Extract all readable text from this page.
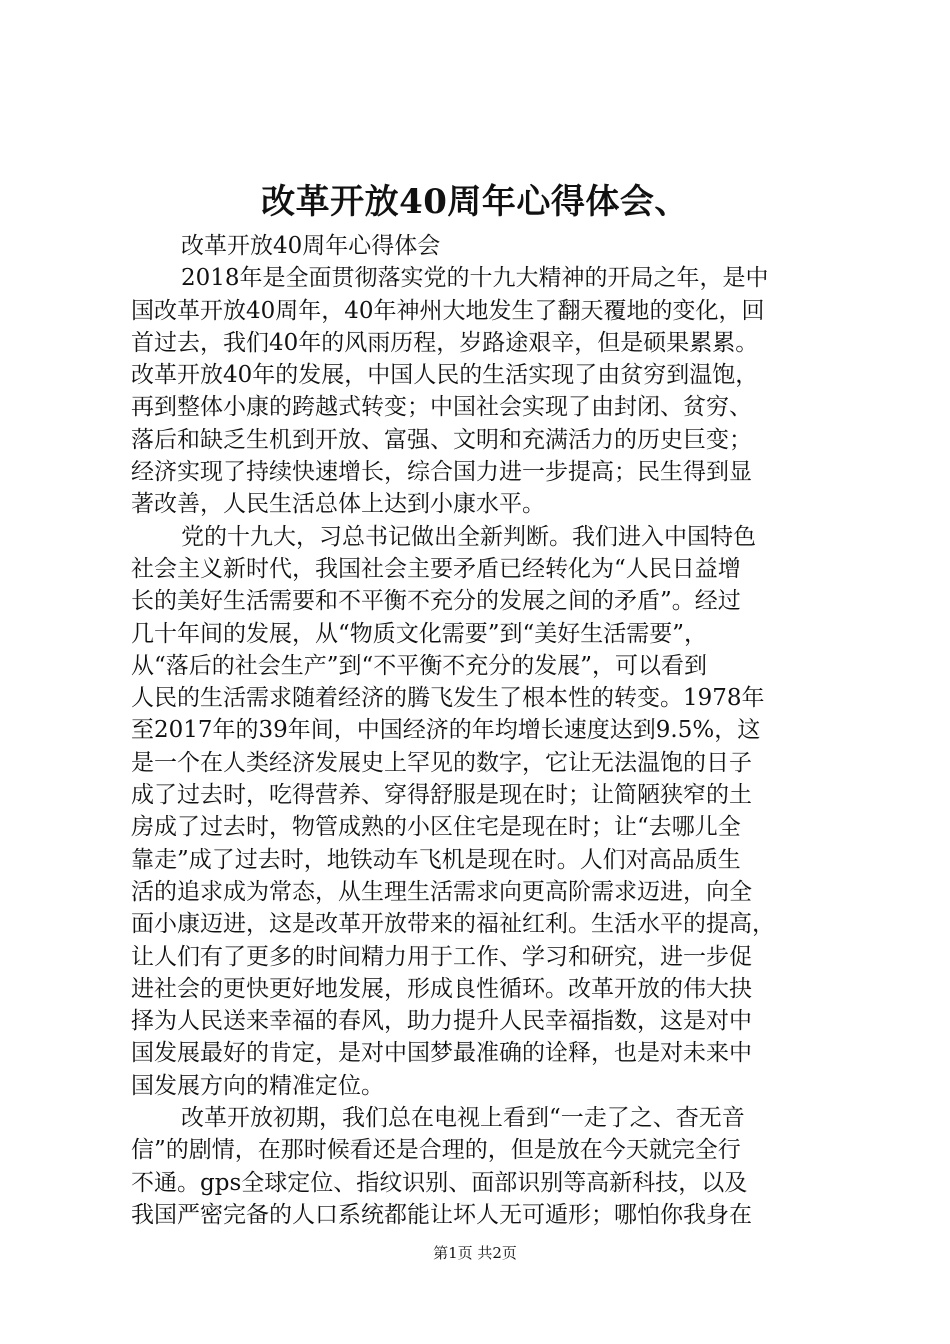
改革开放40周年心得体会、
改革开放40周年心得体会
2018年是全面贯彻落实党的十九大精神的开局之年，是中
国改革开放40周年，40年神州大地发生了翻天覆地的变化，回
首过去，我们40年的风雨历程，岁路途艰辛，但是硕果累累。
改革开放40年的发展，中国人民的生活实现了由贫穷到温饱，
再到整体小康的跨越式转变；中国社会实现了由封闭、贫穷、
落后和缺乏生机到开放、富强、文明和充满活力的历史巨变；
经济实现了持续快速增长，综合国力进一步提高；民生得到显
著改善，人民生活总体上达到小康水平。
党的十九大，习总书记做出全新判断。我们进入中国特色
社会主义新时代，我国社会主要矛盾已经转化为“人民日益增
长的美好生活需要和不平衡不充分的发展之间的矛盾”。经过
几十年间的发展，从“物质文化需要”到“美好生活需要”，
从“落后的社会生产”到“不平衡不充分的发展”，可以看到
人民的生活需求随着经济的腾飞发生了根本性的转变。1978年
至2017年的39年间，中国经济的年均增长速度达到9.5%，这
是一个在人类经济发展史上罕见的数字，它让无法温饱的日子
成了过去时，吃得营养、穿得舒服是现在时；让简陋狭窄的土
房成了过去时，物管成熟的小区住宅是现在时；让“去哪儿全
靠走”成了过去时，地铁动车飞机是现在时。人们对高品质生
活的追求成为常态，从生理生活需求向更高阶需求迈进，向全
面小康迈进，这是改革开放带来的福祉红利。生活水平的提高，
让人们有了更多的时间精力用于工作、学习和研究，进一步促
进社会的更快更好地发展，形成良性循环。改革开放的伟大抉
择为人民送来幸福的春风，助力提升人民幸福指数，这是对中
国发展最好的肯定，是对中国梦最准确的诠释，也是对未来中
国发展方向的精准定位。
改革开放初期，我们总在电视上看到“一走了之、杳无音
信”的剧情，在那时候看还是合理的，但是放在今天就完全行
不通。gps全球定位、指纹识别、面部识别等高新科技，以及
我国严密完备的人口系统都能让坏人无可遁形；哪怕你我身在
第1页 共2页
